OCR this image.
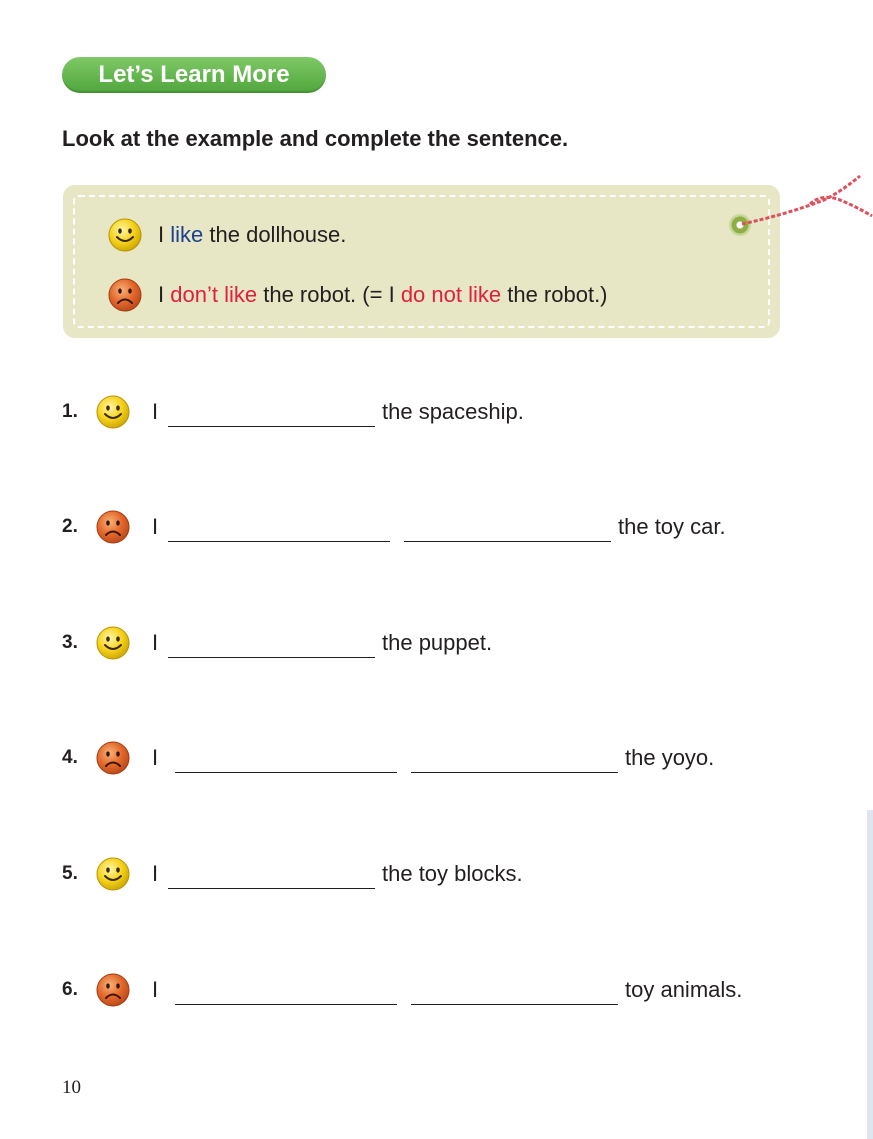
Let’s Learn More

Look at the example and complete the sentence.

I
like
the dollhouse.
I
don’t like
the robot. (= I
do not like
the robot.)
1.	I	the spaceship.
2.	I	the toy car.
3.	I	the puppet.
4.	I	the yoyo.
5.	I	the toy blocks.
6.	I	toy animals.
10
